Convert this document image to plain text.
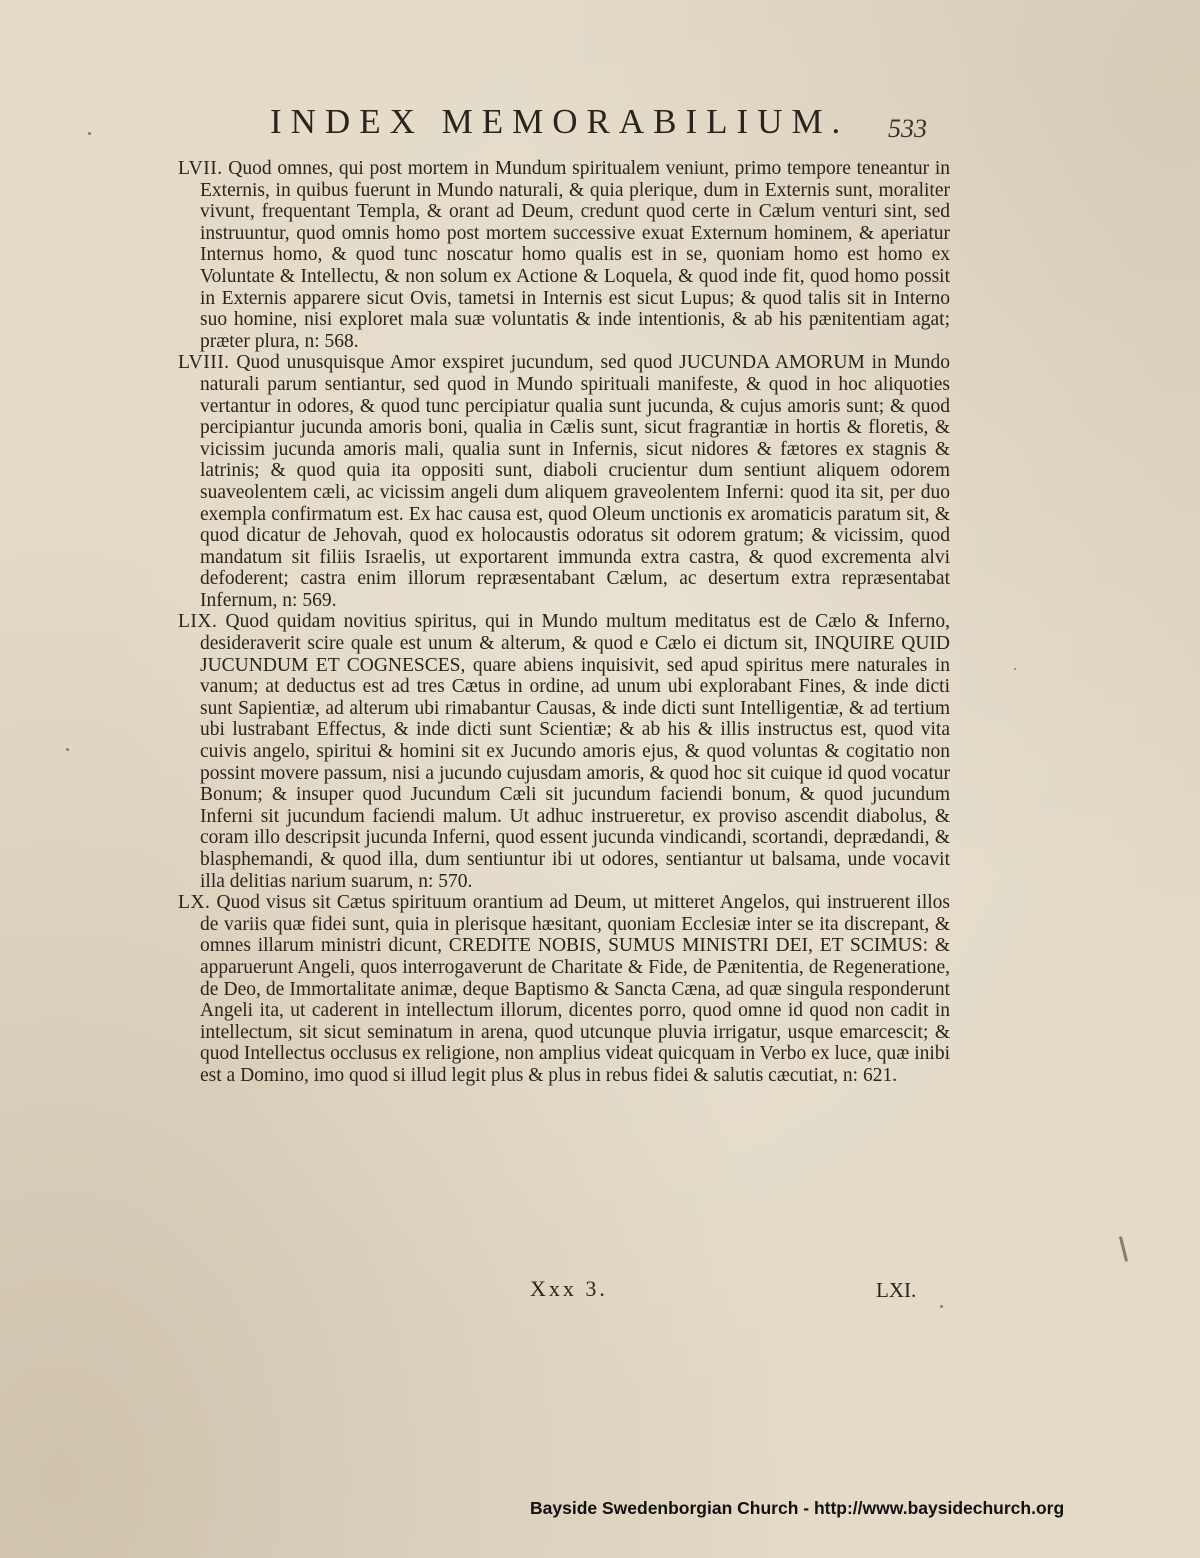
INDEX MEMORABILIUM. 533

LVII. Quod omnes, qui post mortem in Mundum spiritualem veniunt, primo tempore teneantur in Externis, in quibus fuerunt in Mundo naturali, & quia plerique, dum in Externis sunt, moraliter vivunt, frequentant Templa, & orant ad Deum, credunt quod certe in Cælum venturi sint, sed instruuntur, quod omnis homo post mortem successive exuat Externum hominem, & aperiatur Internus homo, & quod tunc noscatur homo qualis est in se, quoniam homo est homo ex Voluntate & Intellectu, & non solum ex Actione & Loquela, & quod inde fit, quod homo possit in Externis apparere sicut Ovis, tametsi in Internis est sicut Lupus; & quod talis sit in Interno suo homine, nisi exploret mala suæ voluntatis & inde intentionis, & ab his pænitentiam agat; præter plura, n: 568.

LVIII. Quod unusquisque Amor exspiret jucundum, sed quod JUCUNDA AMORUM in Mundo naturali parum sentiantur, sed quod in Mundo spirituali manifeste, & quod in hoc aliquoties vertantur in odores, & quod tunc percipiatur qualia sunt jucunda, & cujus amoris sunt; & quod percipiantur jucunda amoris boni, qualia in Cælis sunt, sicut fragrantiæ in hortis & floretis, & vicissim jucunda amoris mali, qualia sunt in Infernis, sicut nidores & fætores ex stagnis & latrinis; & quod quia ita oppositi sunt, diaboli crucientur dum sentiunt aliquem odorem suaveolentem cæli, ac vicissim angeli dum aliquem graveolentem Inferni: quod ita sit, per duo exempla confirmatum est. Ex hac causa est, quod Oleum unctionis ex aromaticis paratum sit, & quod dicatur de Jehovah, quod ex holocaustis odoratus sit odorem gratum; & vicissim, quod mandatum sit filiis Israelis, ut exportarent immunda extra castra, & quod excrementa alvi defoderent; castra enim illorum repræsentabant Cælum, ac desertum extra repræsentabat Infernum, n: 569.

LIX. Quod quidam novitius spiritus, qui in Mundo multum meditatus est de Cælo & Inferno, desideraverit scire quale est unum & alterum, & quod e Cælo ei dictum sit, INQUIRE QUID JUCUNDUM ET COGNESCES, quare abiens inquisivit, sed apud spiritus mere naturales in vanum; at deductus est ad tres Cætus in ordine, ad unum ubi explorabant Fines, & inde dicti sunt Sapientiæ, ad alterum ubi rimabantur Causas, & inde dicti sunt Intelligentiæ, & ad tertium ubi lustrabant Effectus, & inde dicti sunt Scientiæ; & ab his & illis instructus est, quod vita cuivis angelo, spiritui & homini sit ex Jucundo amoris ejus, & quod voluntas & cogitatio non possint movere passum, nisi a jucundo cujusdam amoris, & quod hoc sit cuique id quod vocatur Bonum; & insuper quod Jucundum Cæli sit jucundum faciendi bonum, & quod jucundum Inferni sit jucundum faciendi malum. Ut adhuc instrueretur, ex proviso ascendit diabolus, & coram illo descripsit jucunda Inferni, quod essent jucunda vindicandi, scortandi, deprædandi, & blasphemandi, & quod illa, dum sentiuntur ibi ut odores, sentiantur ut balsama, unde vocavit illa delitias narium suarum, n: 570.

LX. Quod visus sit Cætus spirituum orantium ad Deum, ut mitteret Angelos, qui instruerent illos de variis quæ fidei sunt, quia in plerisque hæsitant, quoniam Ecclesiæ inter se ita discrepant, & omnes illarum ministri dicunt, CREDITE NOBIS, SUMUS MINISTRI DEI, ET SCIMUS: & apparuerunt Angeli, quos interrogaverunt de Charitate & Fide, de Pænitentia, de Regeneratione, de Deo, de Immortalitate animæ, deque Baptismo & Sancta Cæna, ad quæ singula responderunt Angeli ita, ut caderent in intellectum illorum, dicentes porro, quod omne id quod non cadit in intellectum, sit sicut seminatum in arena, quod utcunque pluvia irrigatur, usque emarcescit; & quod Intellectus occlusus ex religione, non amplius videat quicquam in Verbo ex luce, quæ inibi est a Domino, imo quod si illud legit plus & plus in rebus fidei & salutis cæcutiat, n: 621.

Xxx 3.	LXI.
Bayside Swedenborgian Church - http://www.baysidechurch.org
